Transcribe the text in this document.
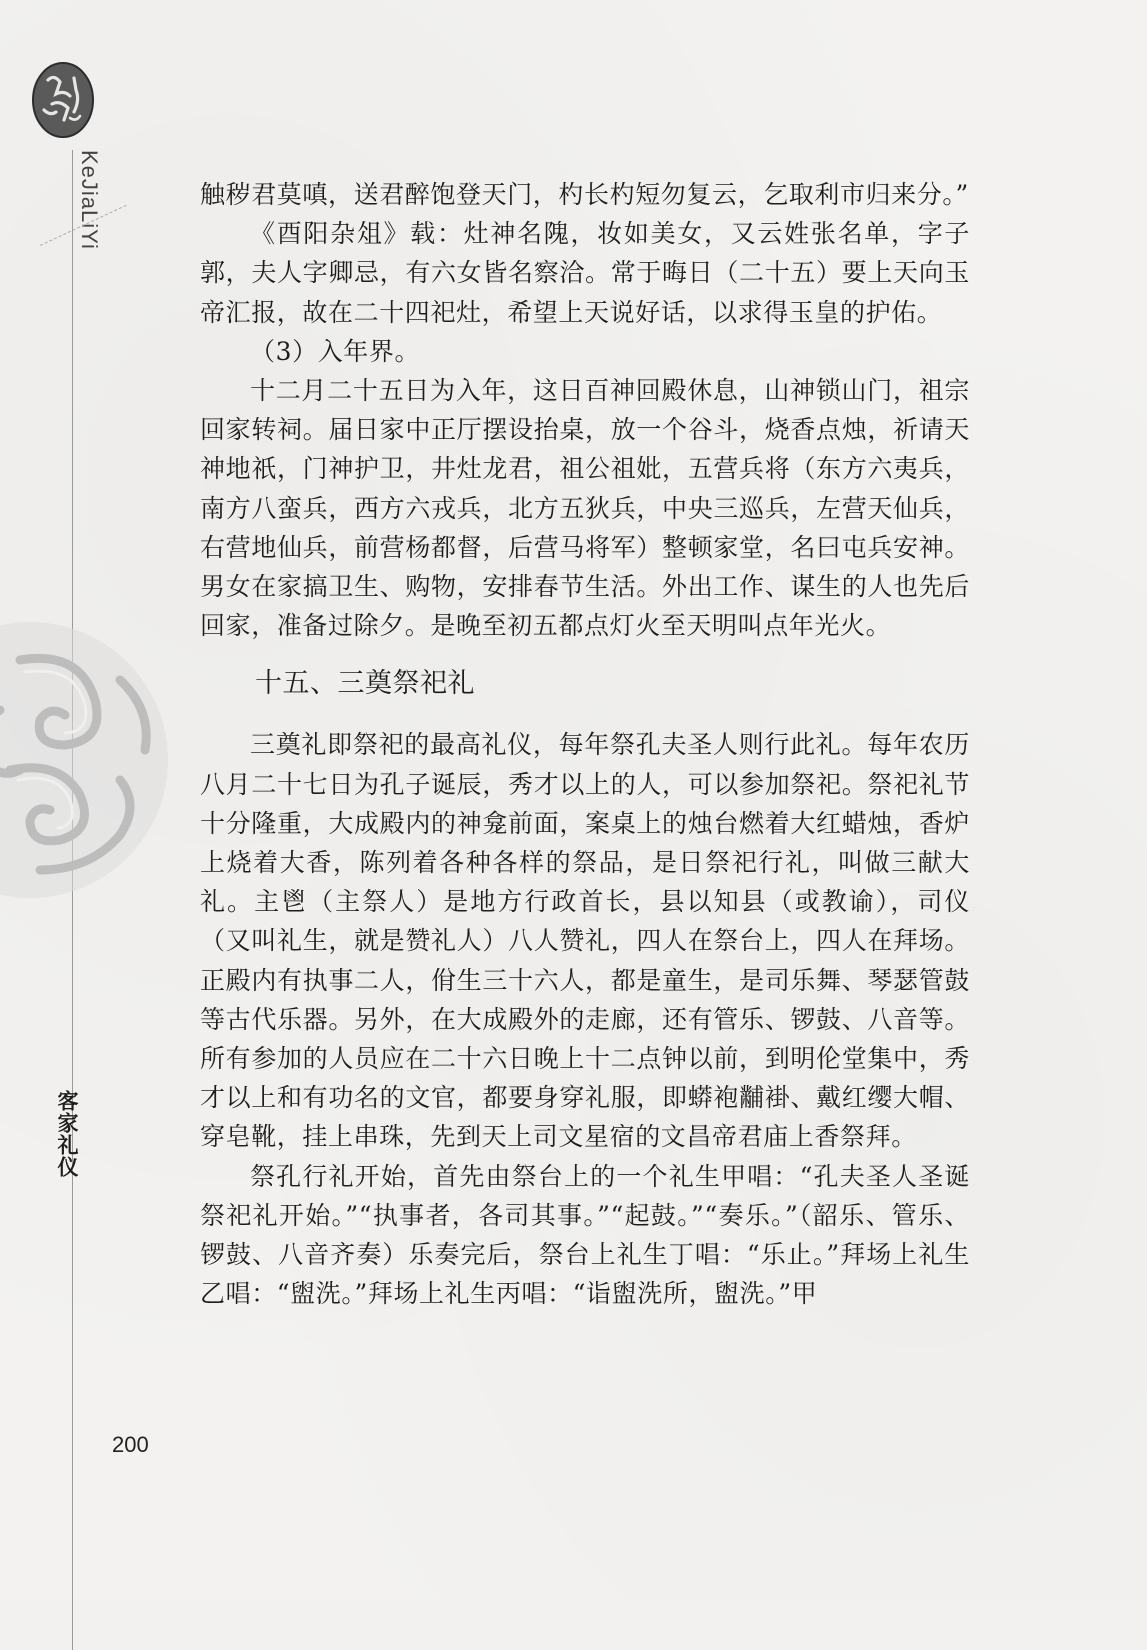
KeJiaLiYi
客家礼仪
200

触秽君莫嗔，送君醉饱登天门，杓长杓短勿复云，乞取利市归来分。”

《酉阳杂俎》载：灶神名隗，妆如美女，又云姓张名单，字子郭，夫人字卿忌，有六女皆名察洽。常于晦日（二十五）要上天向玉帝汇报，故在二十四祀灶，希望上天说好话，以求得玉皇的护佑。

（3）入年界。

十二月二十五日为入年，这日百神回殿休息，山神锁山门，祖宗回家转祠。届日家中正厅摆设抬桌，放一个谷斗，烧香点烛，祈请天神地祇，门神护卫，井灶龙君，祖公祖妣，五营兵将（东方六夷兵，南方八蛮兵，西方六戎兵，北方五狄兵，中央三巡兵，左营天仙兵，右营地仙兵，前营杨都督，后营马将军）整顿家堂，名曰屯兵安神。男女在家搞卫生、购物，安排春节生活。外出工作、谋生的人也先后回家，准备过除夕。是晚至初五都点灯火至天明叫点年光火。

十五、三奠祭祀礼

三奠礼即祭祀的最高礼仪，每年祭孔夫圣人则行此礼。每年农历八月二十七日为孔子诞辰，秀才以上的人，可以参加祭祀。祭祀礼节十分隆重，大成殿内的神龛前面，案桌上的烛台燃着大红蜡烛，香炉上烧着大香，陈列着各种各样的祭品，是日祭祀行礼，叫做三献大礼。主鬯（主祭人）是地方行政首长，县以知县（或教谕），司仪（又叫礼生，就是赞礼人）八人赞礼，四人在祭台上，四人在拜场。正殿内有执事二人，佾生三十六人，都是童生，是司乐舞、琴瑟管鼓等古代乐器。另外，在大成殿外的走廊，还有管乐、锣鼓、八音等。所有参加的人员应在二十六日晚上十二点钟以前，到明伦堂集中，秀才以上和有功名的文官，都要身穿礼服，即蟒袍黼褂、戴红缨大帽、穿皂靴，挂上串珠，先到天上司文星宿的文昌帝君庙上香祭拜。

祭孔行礼开始，首先由祭台上的一个礼生甲唱：“孔夫圣人圣诞祭祀礼开始。”“执事者，各司其事。”“起鼓。”“奏乐。”（韶乐、管乐、锣鼓、八音齐奏）乐奏完后，祭台上礼生丁唱：“乐止。”拜场上礼生乙唱：“盥洗。”拜场上礼生丙唱：“诣盥洗所，盥洗。”甲
